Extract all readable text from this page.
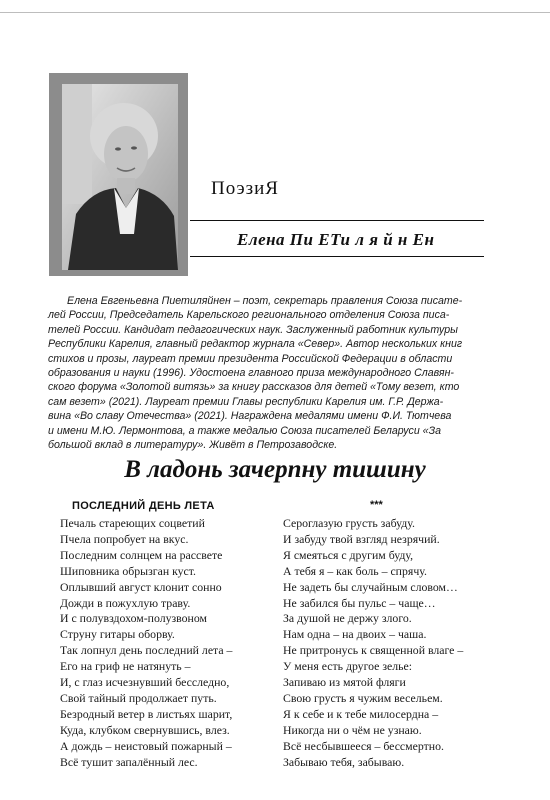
ПоэзиЯ
Елена Пи ЕТи л я й н Ен

Елена Евгеньевна Пиетиляйнен – поэт, секретарь правления Союза писате-

лей России, Председатель Карельского регионального отделения Союза писа-

телей России. Кандидат педагогических наук. Заслуженный работник культуры

Республики Карелия, главный редактор журнала «Север». Автор нескольких книг

стихов и прозы, лауреат премии президента Российской Федерации в области

образования и науки (1996). Удостоена главного приза международного Славян-

ского форума «Золотой витязь» за книгу рассказов для детей «Тому везет, кто

сам везет» (2021). Лауреат премии Главы республики Карелия им. Г.Р. Держа-

вина «Во славу Отечества» (2021). Награждена медалями имени Ф.И. Тютчева

и имени М.Ю. Лермонтова, а также медалью Союза писателей Беларуси «За

большой вклад в литературу». Живёт в Петрозаводске.

В ладонь зачерпну тишину
ПОСЛЕДНИЙ ДЕНЬ ЛЕТА	***

Печаль стареющих соцветий

Пчела попробует на вкус.

Последним солнцем на рассвете

Шиповника обрызган куст.

Оплывший август клонит сонно

Дожди в пожухлую траву.

И с полувздохом-полузвоном

Струну гитары оборву.

Так лопнул день последний лета –

Его на гриф не натянуть –

И, с глаз исчезнувший бесследно,

Свой тайный продолжает путь.

Безродный ветер в листьях шарит,

Куда, клубком свернувшись, влез.

А дождь – неистовый пожарный –

Всё тушит запалённый лес.

Сероглазую грусть забуду.

И забуду твой взгляд незрячий.

Я смеяться с другим буду,

А тебя я – как боль – спрячу.

Не задеть бы случайным словом…

Не забился бы пульс – чаще…

За душой не держу злого.

Нам одна – на двоих – чаша.

Не притронусь к священной влаге –

У меня есть другое зелье:

Запиваю из мятой фляги

Свою грусть я чужим весельем.

Я к себе и к тебе милосердна –

Никогда ни о чём не узнаю.

Всё несбывшееся – бессмертно.

Забываю тебя, забываю.
